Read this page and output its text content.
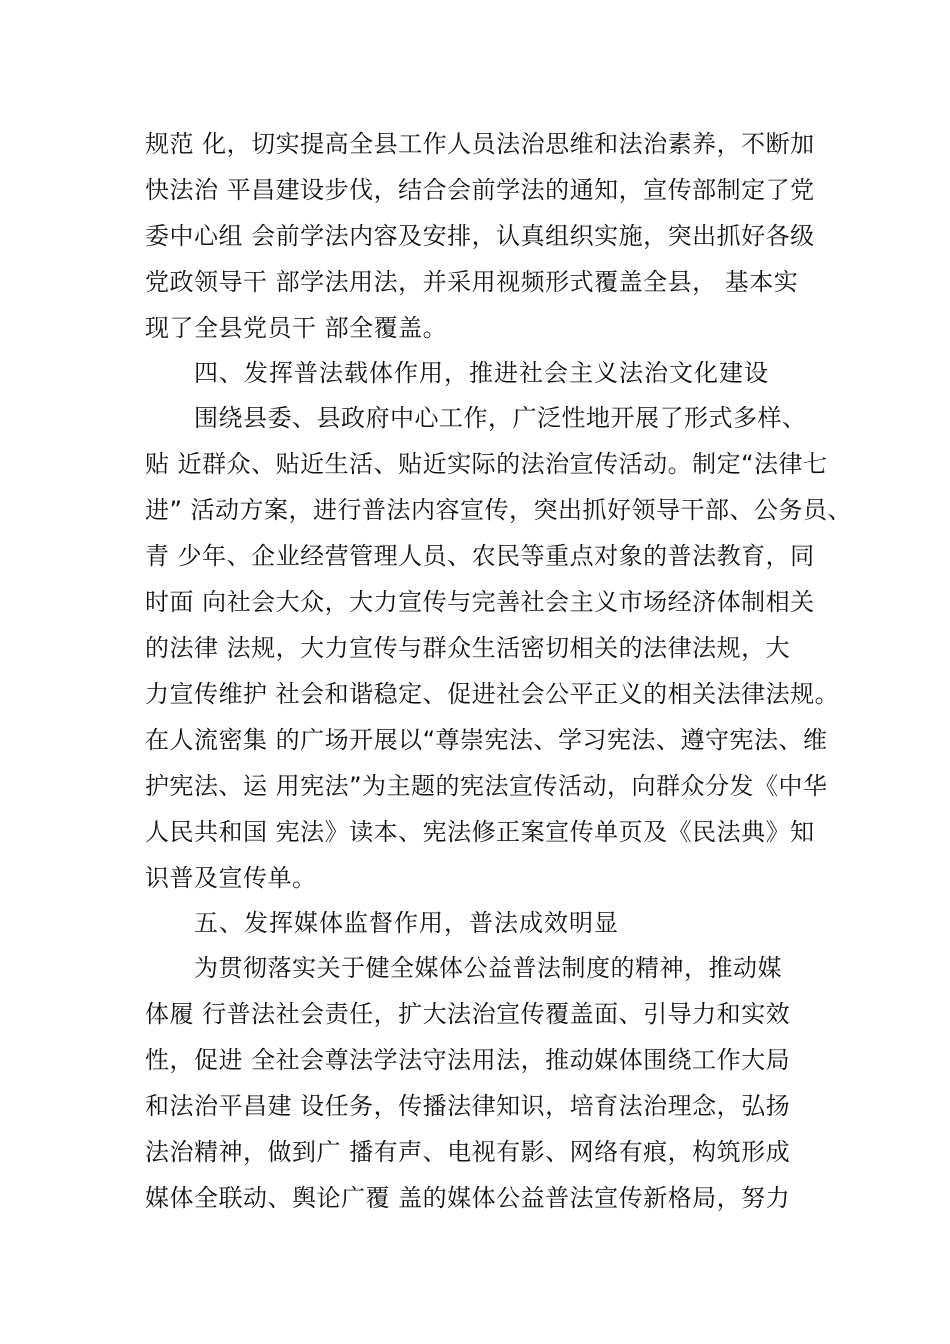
规范 化，切实提高全县工作人员法治思维和法治素养，不断加
快法治 平昌建设步伐，结合会前学法的通知，宣传部制定了党
委中心组 会前学法内容及安排，认真组织实施，突出抓好各级
党政领导干 部学法用法，并采用视频形式覆盖全县， 基本实
现了全县党员干 部全覆盖。
四、发挥普法载体作用，推进社会主义法治文化建设
围绕县委、县政府中心工作，广泛性地开展了形式多样、
贴 近群众、贴近生活、贴近实际的法治宣传活动。制定“法律七
进” 活动方案，进行普法内容宣传，突出抓好领导干部、公务员、
青 少年、企业经营管理人员、农民等重点对象的普法教育，同
时面 向社会大众，大力宣传与完善社会主义市场经济体制相关
的法律 法规，大力宣传与群众生活密切相关的法律法规，大
力宣传维护 社会和谐稳定、促进社会公平正义的相关法律法规。
在人流密集 的广场开展以“尊崇宪法、学习宪法、遵守宪法、维
护宪法、运 用宪法”为主题的宪法宣传活动，向群众分发《中华
人民共和国 宪法》读本、宪法修正案宣传单页及《民法典》知
识普及宣传单。
五、发挥媒体监督作用，普法成效明显
为贯彻落实关于健全媒体公益普法制度的精神，推动媒
体履 行普法社会责任，扩大法治宣传覆盖面、引导力和实效
性，促进 全社会尊法学法守法用法，推动媒体围绕工作大局
和法治平昌建 设任务，传播法律知识，培育法治理念，弘扬
法治精神，做到广 播有声、电视有影、网络有痕，构筑形成
媒体全联动、舆论广覆 盖的媒体公益普法宣传新格局，努力
